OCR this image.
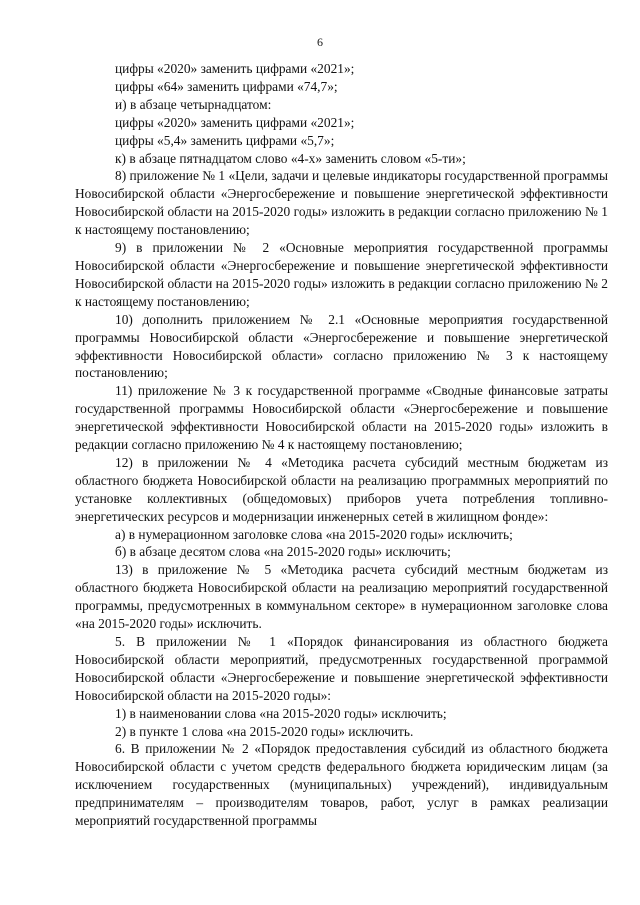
6

цифры «2020» заменить цифрами «2021»;

цифры «64» заменить цифрами «74,7»;

и) в абзаце четырнадцатом:

цифры «2020» заменить цифрами «2021»;

цифры «5,4» заменить цифрами «5,7»;

к) в абзаце пятнадцатом слово «4-х» заменить словом «5-ти»;

8) приложение № 1 «Цели, задачи и целевые индикаторы государственной программы Новосибирской области «Энергосбережение и повышение энергетической эффективности Новосибирской области на 2015-2020 годы» изложить в редакции согласно приложению № 1 к настоящему постановлению;

9) в приложении № 2 «Основные мероприятия государственной программы Новосибирской области «Энергосбережение и повышение энергетической эффективности Новосибирской области на 2015-2020 годы» изложить в редакции согласно приложению № 2 к настоящему постановлению;

10) дополнить приложением № 2.1 «Основные мероприятия государственной программы Новосибирской области «Энергосбережение и повышение энергетической эффективности Новосибирской области» согласно приложению № 3 к настоящему постановлению;

11) приложение № 3 к государственной программе «Сводные финансовые затраты государственной программы Новосибирской области «Энергосбережение и повышение энергетической эффективности Новосибирской области на 2015-2020 годы» изложить в редакции согласно приложению № 4 к настоящему постановлению;

12) в приложении № 4 «Методика расчета субсидий местным бюджетам из областного бюджета Новосибирской области на реализацию программных мероприятий по установке коллективных (общедомовых) приборов учета потребления топливно-энергетических ресурсов и модернизации инженерных сетей в жилищном фонде»:

а) в нумерационном заголовке слова «на 2015-2020 годы» исключить;

б) в абзаце десятом слова «на 2015-2020 годы» исключить;

13) в приложение № 5 «Методика расчета субсидий местным бюджетам из областного бюджета Новосибирской области на реализацию мероприятий государственной программы, предусмотренных в коммунальном секторе» в нумерационном заголовке слова «на 2015-2020 годы» исключить.

5. В приложении № 1 «Порядок финансирования из областного бюджета Новосибирской области мероприятий, предусмотренных государственной программой Новосибирской области «Энергосбережение и повышение энергетической эффективности Новосибирской области на 2015-2020 годы»:

1) в наименовании слова «на 2015-2020 годы» исключить;

2) в пункте 1 слова «на 2015-2020 годы» исключить.

6. В приложении № 2 «Порядок предоставления субсидий из областного бюджета Новосибирской области с учетом средств федерального бюджета юридическим лицам (за исключением государственных (муниципальных) учреждений), индивидуальным предпринимателям – производителям товаров, работ, услуг в рамках реализации мероприятий государственной программы
